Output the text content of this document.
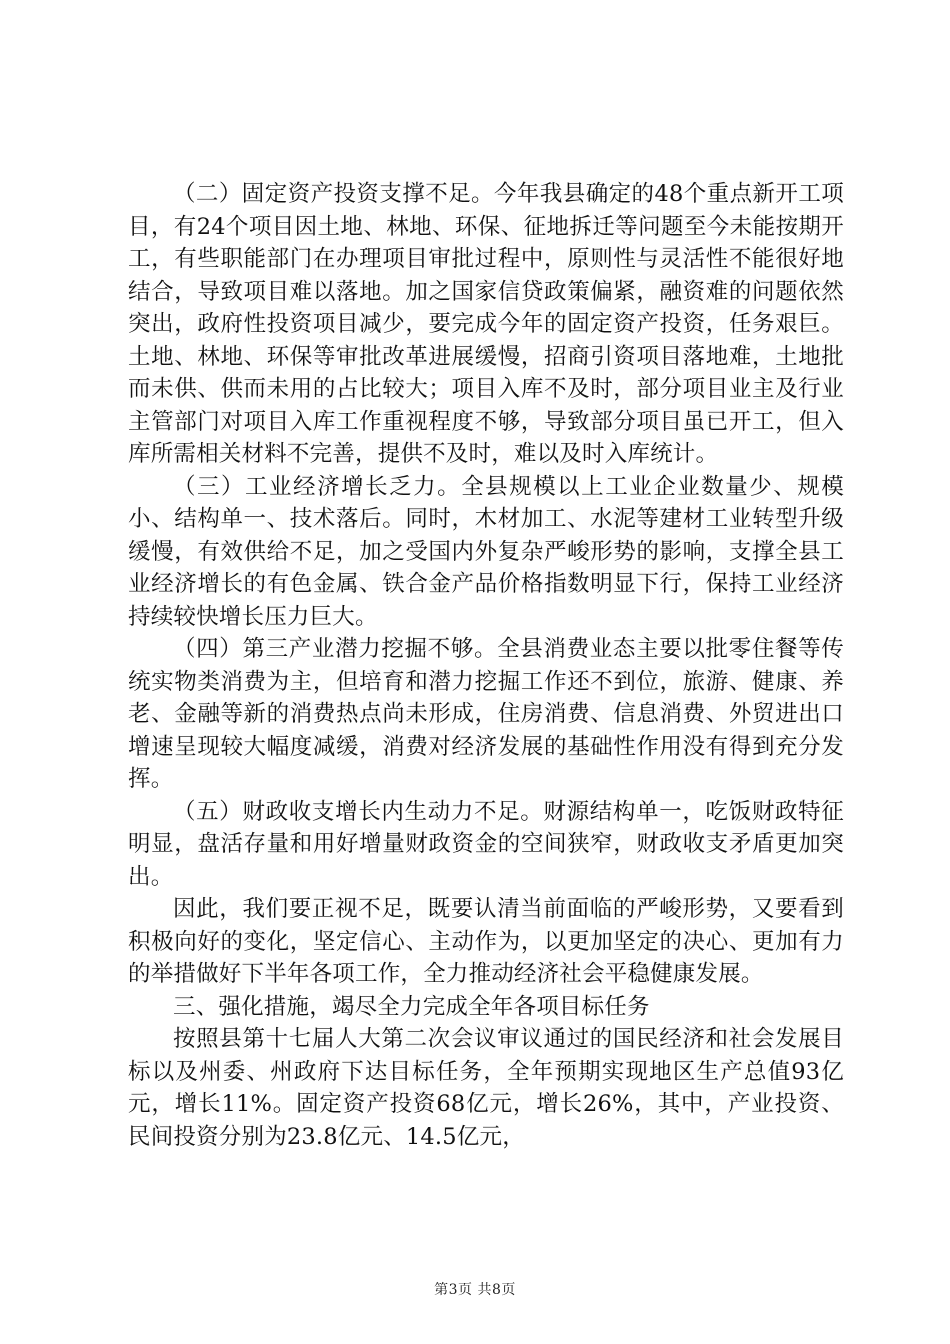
（二）固定资产投资支撑不足。今年我县确定的48个重点新开工项目，有24个项目因土地、林地、环保、征地拆迁等问题至今未能按期开工，有些职能部门在办理项目审批过程中，原则性与灵活性不能很好地结合，导致项目难以落地。加之国家信贷政策偏紧，融资难的问题依然突出，政府性投资项目减少，要完成今年的固定资产投资，任务艰巨。土地、林地、环保等审批改革进展缓慢，招商引资项目落地难，土地批而未供、供而未用的占比较大；项目入库不及时，部分项目业主及行业主管部门对项目入库工作重视程度不够，导致部分项目虽已开工，但入库所需相关材料不完善，提供不及时，难以及时入库统计。

（三）工业经济增长乏力。全县规模以上工业企业数量少、规模小、结构单一、技术落后。同时，木材加工、水泥等建材工业转型升级缓慢，有效供给不足，加之受国内外复杂严峻形势的影响，支撑全县工业经济增长的有色金属、铁合金产品价格指数明显下行，保持工业经济持续较快增长压力巨大。

（四）第三产业潜力挖掘不够。全县消费业态主要以批零住餐等传统实物类消费为主，但培育和潜力挖掘工作还不到位，旅游、健康、养老、金融等新的消费热点尚未形成，住房消费、信息消费、外贸进出口增速呈现较大幅度减缓，消费对经济发展的基础性作用没有得到充分发挥。

（五）财政收支增长内生动力不足。财源结构单一，吃饭财政特征明显，盘活存量和用好增量财政资金的空间狭窄，财政收支矛盾更加突出。

因此，我们要正视不足，既要认清当前面临的严峻形势，又要看到积极向好的变化，坚定信心、主动作为，以更加坚定的决心、更加有力的举措做好下半年各项工作，全力推动经济社会平稳健康发展。

三、强化措施，竭尽全力完成全年各项目标任务

按照县第十七届人大第二次会议审议通过的国民经济和社会发展目标以及州委、州政府下达目标任务，全年预期实现地区生产总值93亿元，增长11%。固定资产投资68亿元，增长26%，其中，产业投资、民间投资分别为23.8亿元、14.5亿元，

第3页 共8页
